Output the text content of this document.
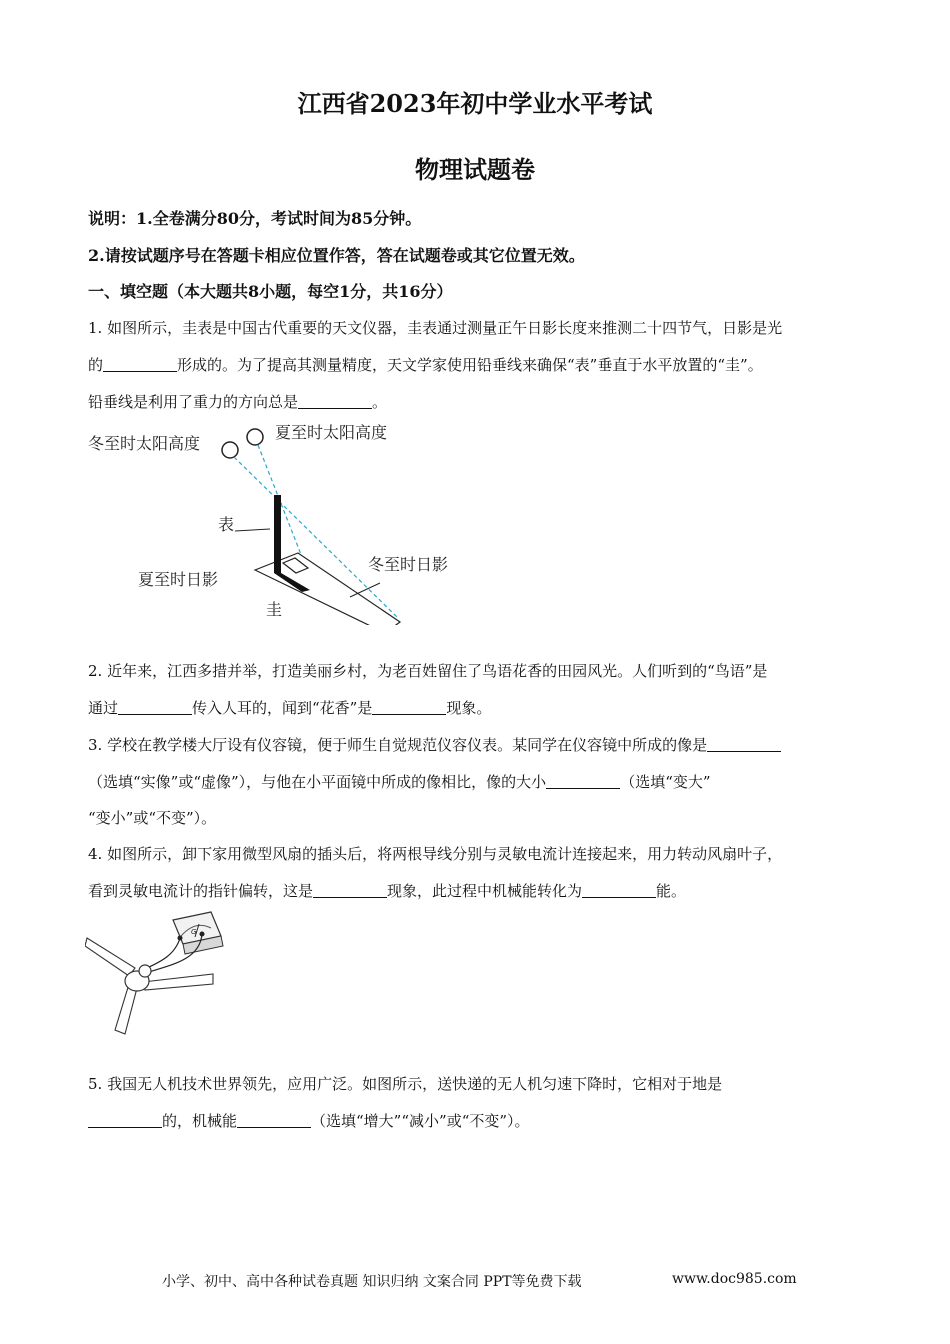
江西省2023年初中学业水平考试
物理试题卷
说明：1.全卷满分80分，考试时间为85分钟。
2.请按试题序号在答题卡相应位置作答，答在试题卷或其它位置无效。
一、填空题（本大题共8小题，每空1分，共16分）
1. 如图所示，圭表是中国古代重要的天文仪器，圭表通过测量正午日影长度来推测二十四节气，日影是光
的	形成的。为了提高其测量精度，天文学家使用铅垂线来确保“表”垂直于水平放置的“圭”。
铅垂线是利用了重力的方向总是	。
冬至时太阳高度
夏至时太阳高度
表
夏至时日影
冬至时日影
圭
2. 近年来，江西多措并举，打造美丽乡村，为老百姓留住了鸟语花香的田园风光。人们听到的“鸟语”是
通过	传入人耳的，闻到“花香”是	现象。
3. 学校在教学楼大厅设有仪容镜，便于师生自觉规范仪容仪表。某同学在仪容镜中所成的像是
（选填“实像”或“虚像”），与他在小平面镜中所成的像相比，像的大小	（选填“变大”
“变小”或“不变”）。
4. 如图所示，卸下家用微型风扇的插头后，将两根导线分别与灵敏电流计连接起来，用力转动风扇叶子，
看到灵敏电流计的指针偏转，这是	现象，此过程中机械能转化为	能。
G
5. 我国无人机技术世界领先，应用广泛。如图所示，送快递的无人机匀速下降时，它相对于地是
的，机械能	（选填“增大”“减小”或“不变”）。
小学、初中、高中各种试卷真题 知识归纳 文案合同 PPT等免费下载	www.doc985.com
